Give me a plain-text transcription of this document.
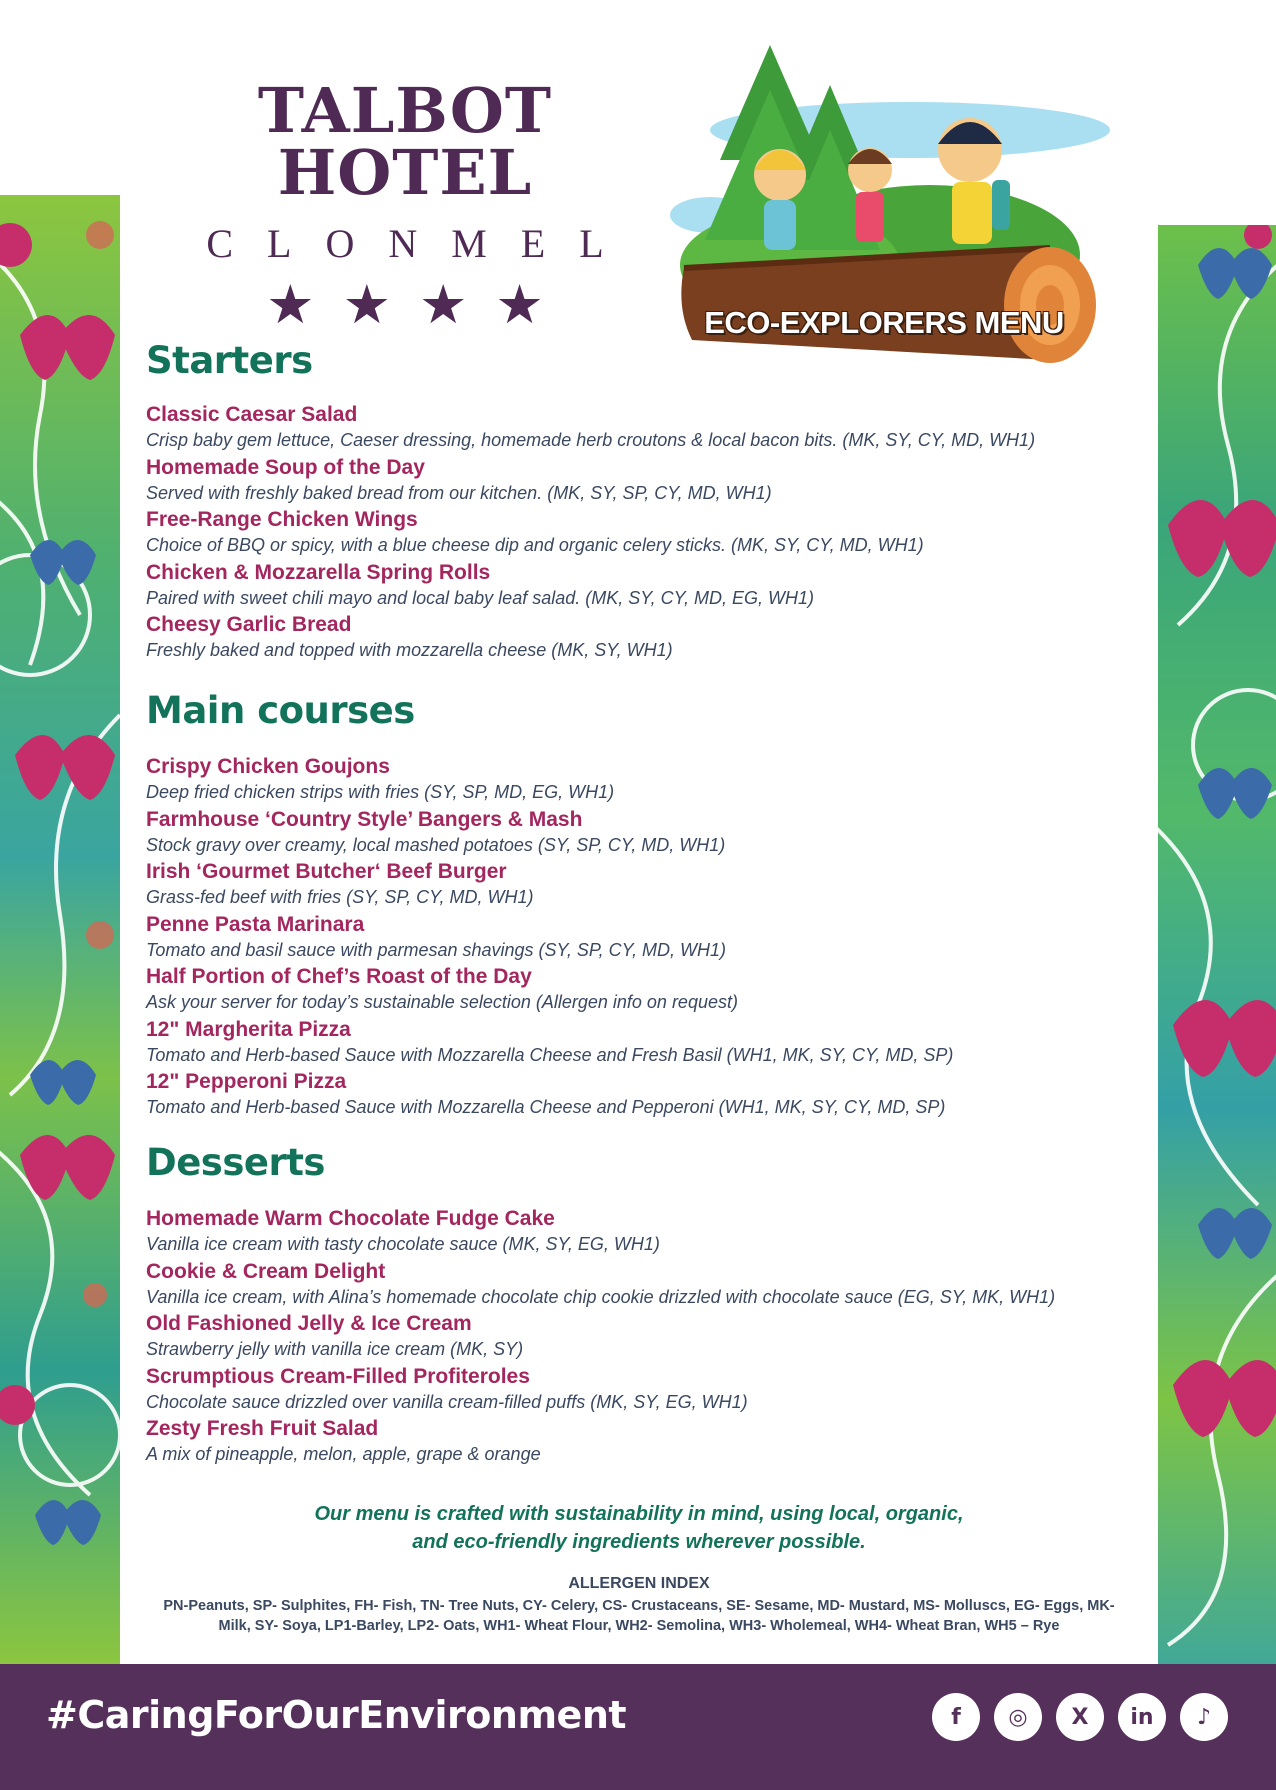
TALBOT HOTEL
CLONMEL
★★★★	ECO-EXPLORERS MENU
Starters
Classic Caesar Salad
Crisp baby gem lettuce, Caeser dressing, homemade herb croutons & local bacon bits. (MK, SY, CY, MD, WH1)
Homemade Soup of the Day
Served with freshly baked bread from our kitchen. (MK, SY, SP, CY, MD, WH1)
Free-Range Chicken Wings
Choice of BBQ or spicy, with a blue cheese dip and organic celery sticks. (MK, SY, CY, MD, WH1)
Chicken & Mozzarella Spring Rolls
Paired with sweet chili mayo and local baby leaf salad. (MK, SY, CY, MD, EG, WH1)
Cheesy Garlic Bread
Freshly baked and topped with mozzarella cheese (MK, SY, WH1)
Main courses
Crispy Chicken Goujons
Deep fried chicken strips with fries (SY, SP, MD, EG, WH1)
Farmhouse ‘Country Style’ Bangers & Mash
Stock gravy over creamy, local mashed potatoes (SY, SP, CY, MD, WH1)
Irish ‘Gourmet Butcher‘ Beef Burger
Grass-fed beef with fries (SY, SP, CY, MD, WH1)
Penne Pasta Marinara
Tomato and basil sauce with parmesan shavings (SY, SP, CY, MD, WH1)
Half Portion of Chef’s Roast of the Day
Ask your server for today’s sustainable selection (Allergen info on request)
12" Margherita Pizza
Tomato and Herb-based Sauce with Mozzarella Cheese and Fresh Basil (WH1, MK, SY, CY, MD, SP)
12" Pepperoni Pizza
Tomato and Herb-based Sauce with Mozzarella Cheese and Pepperoni (WH1, MK, SY, CY, MD, SP)
Desserts
Homemade Warm Chocolate Fudge Cake
Vanilla ice cream with tasty chocolate sauce (MK, SY, EG, WH1)
Cookie & Cream Delight
Vanilla ice cream, with Alina’s homemade chocolate chip cookie drizzled with chocolate sauce (EG, SY, MK, WH1)
Old Fashioned Jelly & Ice Cream
Strawberry jelly with vanilla ice cream (MK, SY)
Scrumptious Cream-Filled Profiteroles
Chocolate sauce drizzled over vanilla cream-filled puffs (MK, SY, EG, WH1)
Zesty Fresh Fruit Salad
A mix of pineapple, melon, apple, grape & orange
Our menu is crafted with sustainability in mind, using local, organic,
and eco-friendly ingredients wherever possible.
ALLERGEN INDEX
PN-Peanuts, SP- Sulphites, FH- Fish, TN- Tree Nuts, CY- Celery, CS- Crustaceans, SE- Sesame, MD- Mustard, MS- Molluscs, EG- Eggs, MK-
Milk, SY- Soya, LP1-Barley, LP2- Oats, WH1- Wheat Flour, WH2- Semolina, WH3- Wholemeal, WH4- Wheat Bran, WH5 – Rye
#CaringForOurEnvironment	f	◎	X	in	♪
